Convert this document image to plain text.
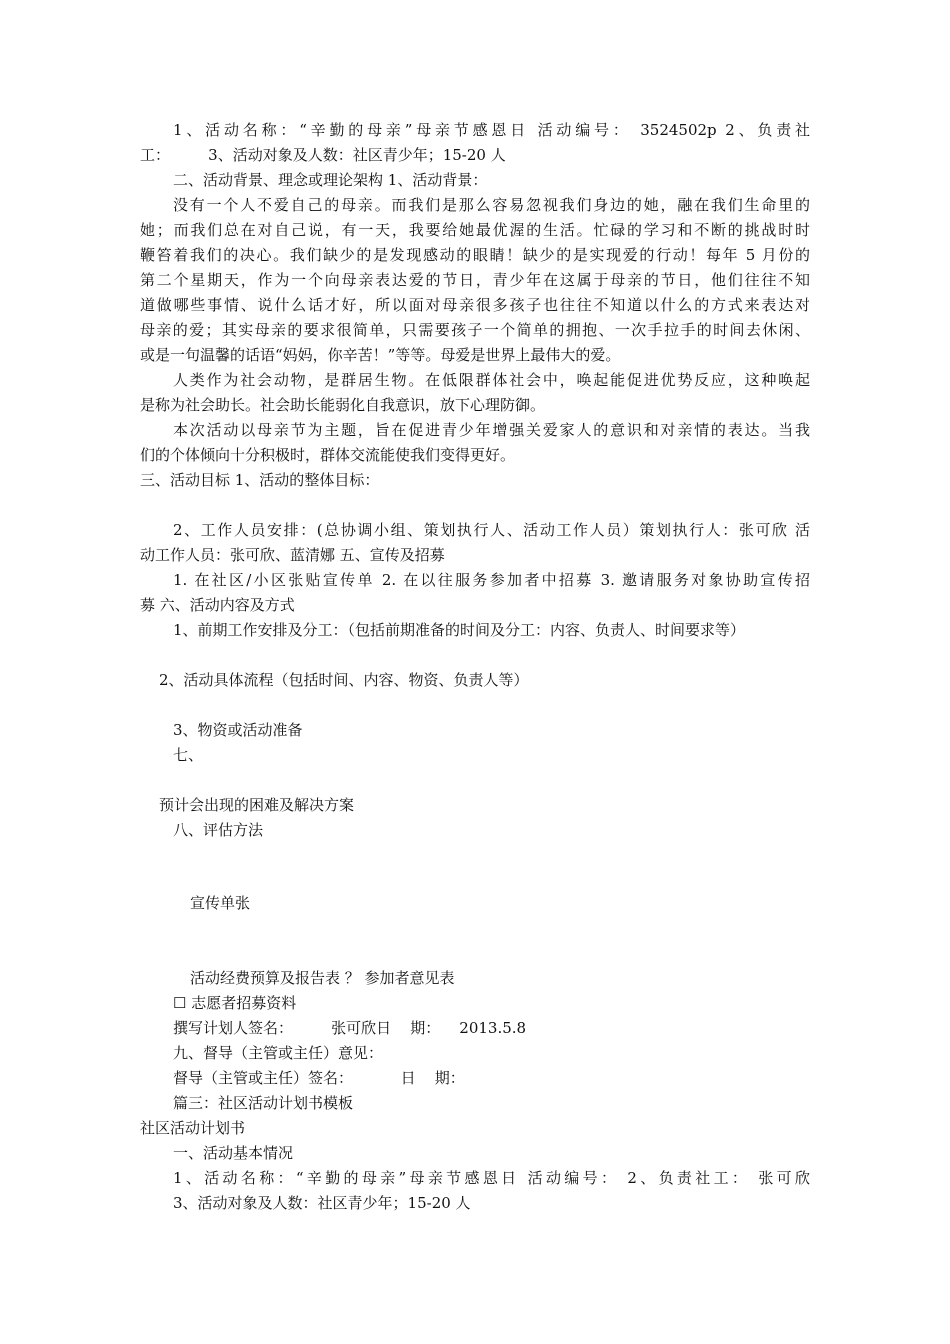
1、活动名称：“辛勤的母亲”母亲节感恩日 活动编号： 3524502p 2、负责社
工：        3、活动对象及人数：社区青少年；15-20 人
二、活动背景、理念或理论架构 1、活动背景：
没有一个人不爱自己的母亲。而我们是那么容易忽视我们身边的她，融在我们生命里的
她；而我们总在对自己说，有一天，我要给她最优渥的生活。忙碌的学习和不断的挑战时时
鞭笞着我们的决心。我们缺少的是发现感动的眼睛！缺少的是实现爱的行动！每年 5 月份的
第二个星期天，作为一个向母亲表达爱的节日，青少年在这属于母亲的节日，他们往往不知
道做哪些事情、说什么话才好，所以面对母亲很多孩子也往往不知道以什么的方式来表达对
母亲的爱；其实母亲的要求很简单，只需要孩子一个简单的拥抱、一次手拉手的时间去休闲、
或是一句温馨的话语“妈妈，你辛苦！”等等。母爱是世界上最伟大的爱。
人类作为社会动物，是群居生物。在低限群体社会中，唤起能促进优势反应，这种唤起
是称为社会助长。社会助长能弱化自我意识，放下心理防御。
本次活动以母亲节为主题，旨在促进青少年增强关爱家人的意识和对亲情的表达。当我
们的个体倾向十分积极时，群体交流能使我们变得更好。
三、活动目标 1、活动的整体目标：
2、工作人员安排：(总协调小组、策划执行人、活动工作人员）策划执行人：张可欣 活
动工作人员：张可欣、蓝清娜 五、宣传及招募
1. 在社区/小区张贴宣传单 2. 在以往服务参加者中招募 3. 邀请服务对象协助宣传招
募 六、活动内容及方式
1、前期工作安排及分工：（包括前期准备的时间及分工：内容、负责人、时间要求等）
2、活动具体流程（包括时间、内容、物资、负责人等）
3、物资或活动准备
七、
预计会出现的困难及解决方案
八、评估方法
宣传单张
活动经费预算及报告表 ？ 参加者意见表
☐ 志愿者招募资料
撰写计划人签名：        张可欣日    期：    2013.5.8
九、督导（主管或主任）意见：
督导（主管或主任）签名：          日    期：
篇三：社区活动计划书模板
社区活动计划书
一、活动基本情况
1、活动名称：“辛勤的母亲”母亲节感恩日 活动编号： 2、负责社工： 张可欣
3、活动对象及人数：社区青少年；15-20 人
